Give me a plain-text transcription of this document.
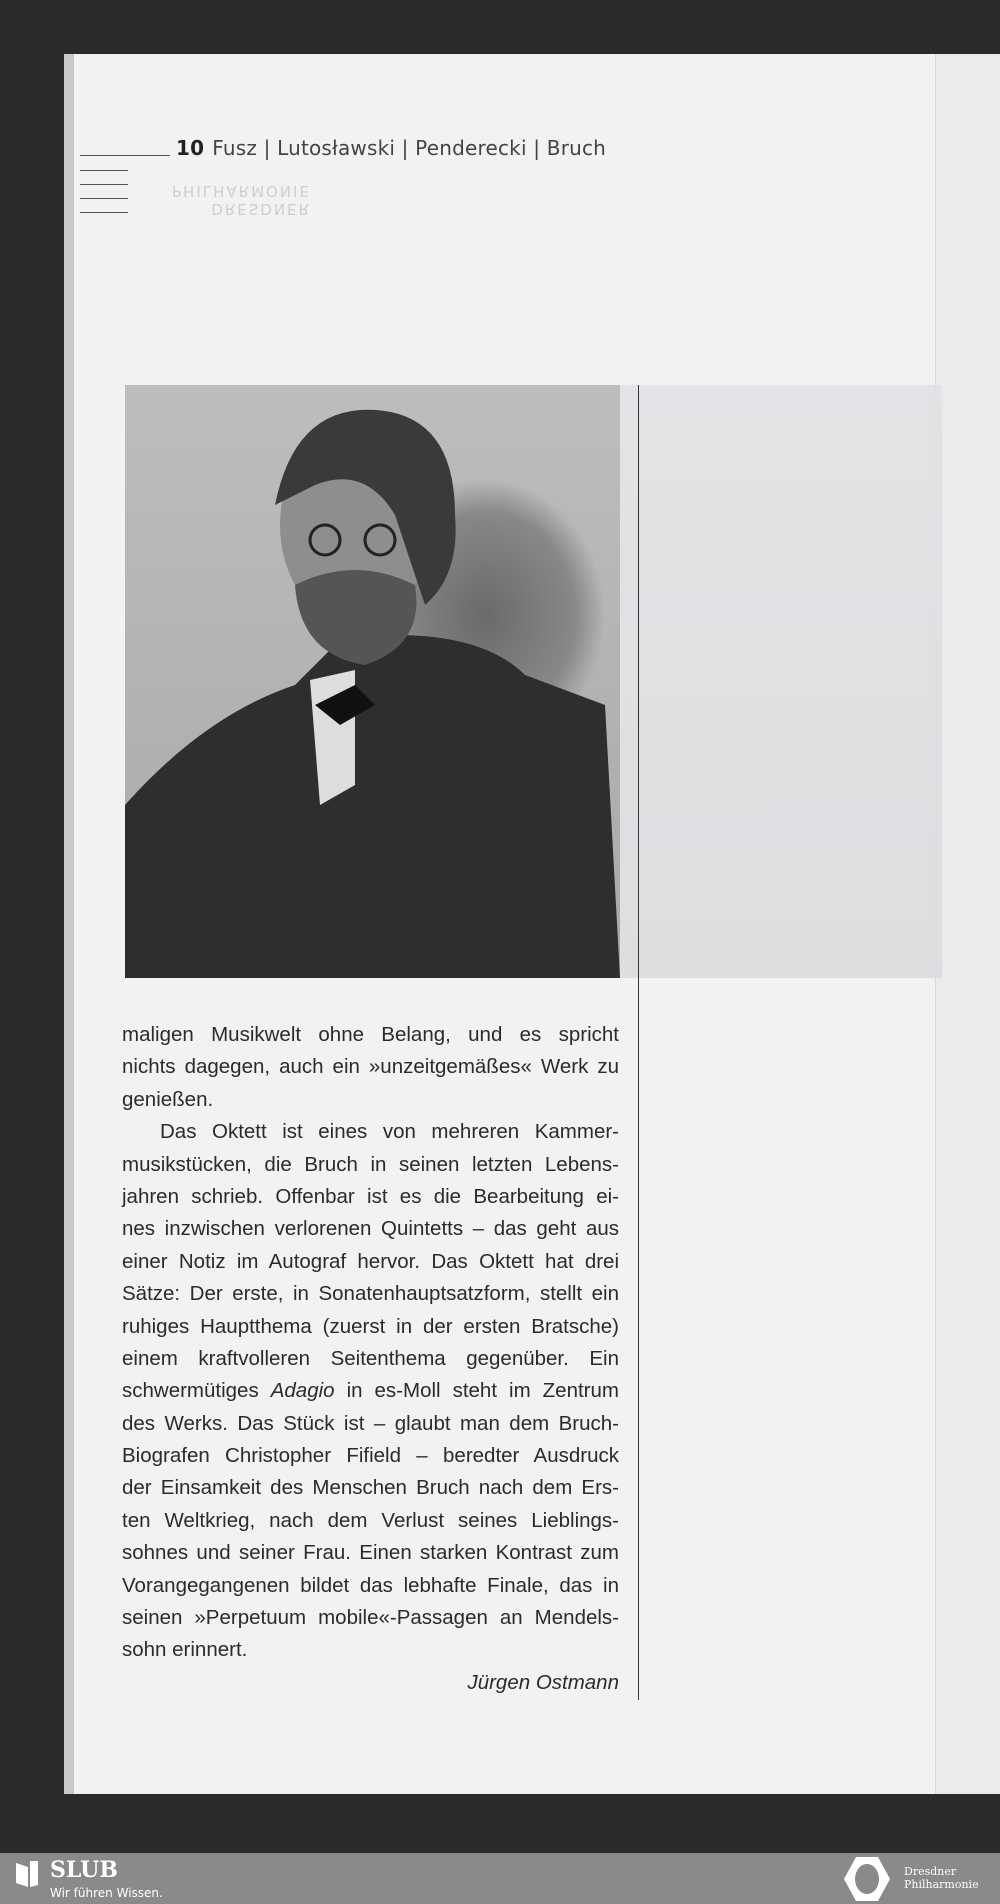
10 Fusz | Lutosławski | Penderecki | Bruch
DRESDNER
PHILHARMONIE
maligen Musikwelt ohne Belang, und es spricht
nichts dagegen, auch ein »unzeitgemäßes« Werk zu
genießen.
Das Oktett ist eines von mehreren Kammer-
musikstücken, die Bruch in seinen letzten Lebens-
jahren schrieb. Offenbar ist es die Bearbeitung ei-
nes inzwischen verlorenen Quintetts – das geht aus
einer Notiz im Autograf hervor. Das Oktett hat drei
Sätze: Der erste, in Sonatenhauptsatzform, stellt ein
ruhiges Hauptthema (zuerst in der ersten Bratsche)
einem kraftvolleren Seitenthema gegenüber. Ein
schwermütiges Adagio in es-Moll steht im Zentrum
des Werks. Das Stück ist – glaubt man dem Bruch-
Biografen Christopher Fifield – beredter Ausdruck
der Einsamkeit des Menschen Bruch nach dem Ers-
ten Weltkrieg, nach dem Verlust seines Lieblings-
sohnes und seiner Frau. Einen starken Kontrast zum
Vorangegangenen bildet das lebhafte Finale, das in
seinen »Perpetuum mobile«-Passagen an Mendels-
sohn erinnert.
Jürgen Ostmann
SLUB
Wir führen Wissen.
Dresdner
Philharmonie
